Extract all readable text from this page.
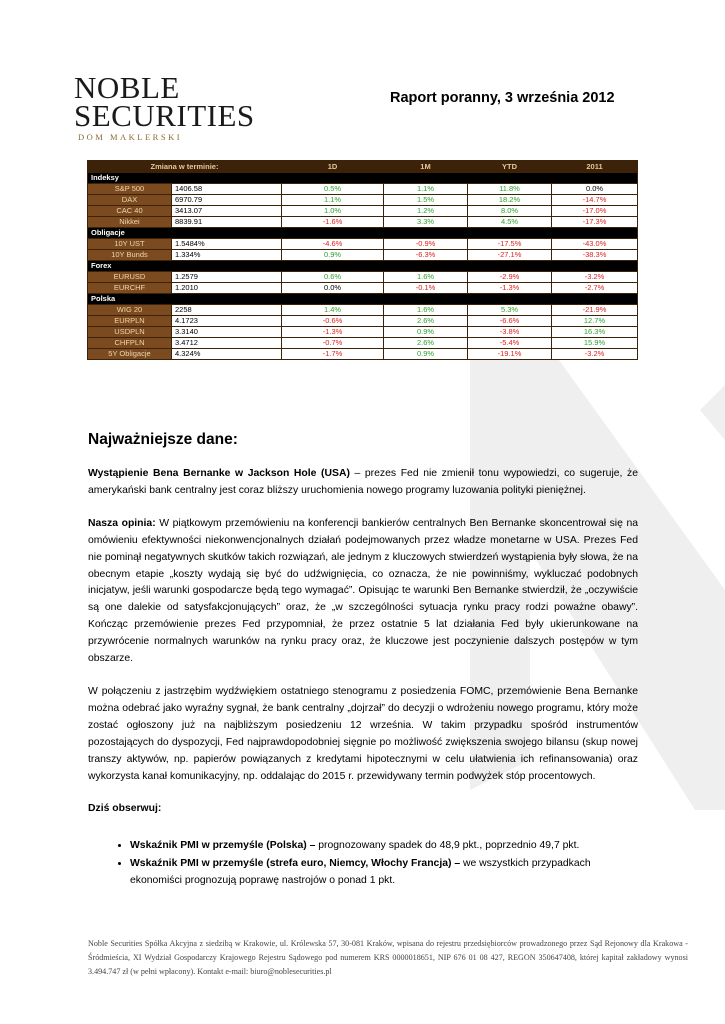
NOBLE
SECURITIES
DOM MAKLERSKI
Raport poranny, 3 września 2012
Zmiana w terminie:		1D	1M	YTD	2011
Indeksy					
S&P 500	1406.58	0.5%	1.1%	11.8%	0.0%
DAX	6970.79	1.1%	1.5%	18.2%	-14.7%
CAC 40	3413.07	1.0%	1.2%	8.0%	-17.0%
Nikkei	8839.91	-1.6%	3.3%	4.5%	-17.3%
Obligacje					
10Y UST	1.5484%	-4.6%	-0.9%	-17.5%	-43.0%
10Y Bunds	1.334%	0.9%	-6.3%	-27.1%	-38.3%
Forex					
EURUSD	1.2579	0.6%	1.6%	-2.9%	-3.2%
EURCHF	1.2010	0.0%	-0.1%	-1.3%	-2.7%
Polska					
WIG 20	2258	1.4%	1.6%	5.3%	-21.9%
EURPLN	4.1723	-0.6%	2.6%	-6.6%	12.7%
USDPLN	3.3140	-1.3%	0.9%	-3.8%	16.3%
CHFPLN	3.4712	-0.7%	2.6%	-5.4%	15.9%
5Y Obligacje	4.324%	-1.7%	0.9%	-19.1%	-3.2%
Najważniejsze dane:

Wystąpienie Bena Bernanke w Jackson Hole (USA) – prezes Fed nie zmienił tonu wypowiedzi, co sugeruje, że amerykański bank centralny jest coraz bliższy uruchomienia nowego programy luzowania polityki pieniężnej.

Nasza opinia: W piątkowym przemówieniu na konferencji bankierów centralnych Ben Bernanke skoncentrował się na omówieniu efektywności niekonwencjonalnych działań podejmowanych przez władze monetarne w USA. Prezes Fed nie pominął negatywnych skutków takich rozwiązań, ale jednym z kluczowych stwierdzeń wystąpienia były słowa, że na obecnym etapie „koszty wydają się być do udźwignięcia, co oznacza, że nie powinniśmy, wykluczać podobnych inicjatyw, jeśli warunki gospodarcze będą tego wymagać”. Opisując te warunki Ben Bernanke stwierdził, że „oczywiście są one dalekie od satysfakcjonujących” oraz, że „w szczególności sytuacja rynku pracy rodzi poważne obawy”. Kończąc przemówienie prezes Fed przypomniał, że przez ostatnie 5 lat działania Fed były ukierunkowane na przywrócenie normalnych warunków na rynku pracy oraz, że kluczowe jest poczynienie dalszych postępów w tym obszarze.

W połączeniu z jastrzębim wydźwiękiem ostatniego stenogramu z posiedzenia FOMC, przemówienie Bena Bernanke można odebrać jako wyraźny sygnał, że bank centralny „dojrzał” do decyzji o wdrożeniu nowego programu, który może zostać ogłoszony już na najbliższym posiedzeniu 12 września. W takim przypadku spośród instrumentów pozostających do dyspozycji, Fed najprawdopodobniej sięgnie po możliwość zwiększenia swojego bilansu (skup nowej transzy aktywów, np. papierów powiązanych z kredytami hipotecznymi w celu ułatwienia ich refinansowania) oraz wykorzysta kanał komunikacyjny, np. oddalając do 2015 r. przewidywany termin podwyżek stóp procentowych.

Dziś obserwuj:
• Wskaźnik PMI w przemyśle (Polska) – prognozowany spadek do 48,9 pkt., poprzednio 49,7 pkt.
• Wskaźnik PMI w przemyśle (strefa euro, Niemcy, Włochy Francja) – we wszystkich przypadkach ekonomiści prognozują poprawę nastrojów o ponad 1 pkt.
Noble Securities Spółka Akcyjna z siedzibą w Krakowie, ul. Królewska 57, 30-081 Kraków, wpisana do rejestru przedsiębiorców prowadzonego przez Sąd Rejonowy dla Krakowa - Śródmieścia, XI Wydział Gospodarczy Krajowego Rejestru Sądowego pod numerem KRS 0000018651, NIP 676 01 08 427, REGON 350647408, której kapitał zakładowy wynosi 3.494.747 zł (w pełni wpłacony). Kontakt e-mail: biuro@noblesecurities.pl
